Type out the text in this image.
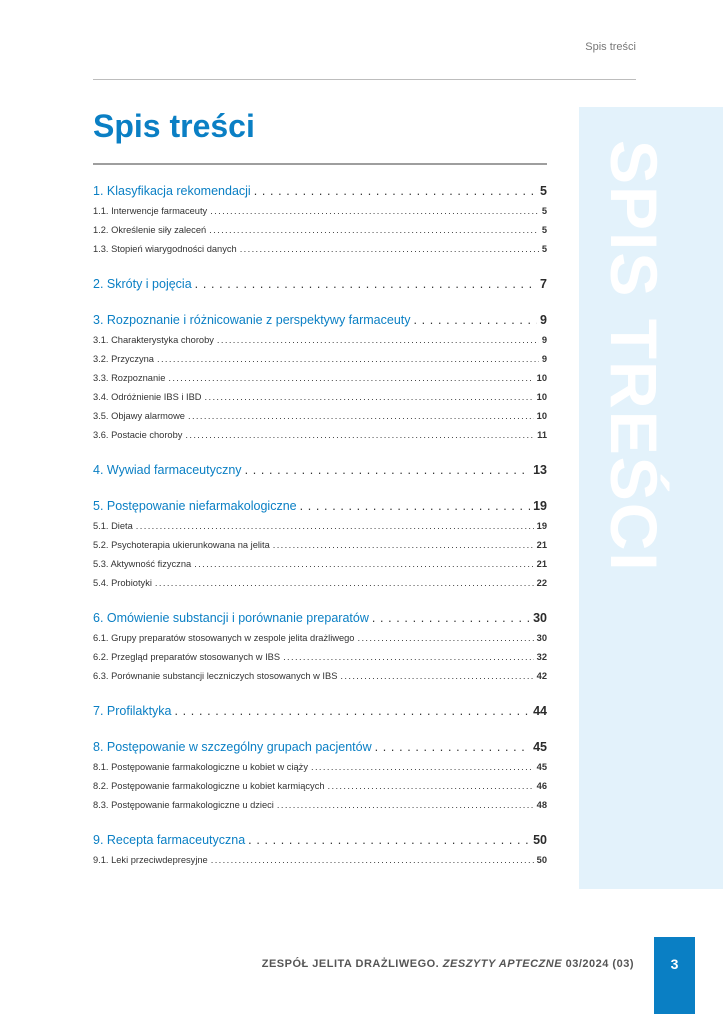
Spis treści
SPIS TREŚCI
Spis treści
1. Klasyfikacja rekomendacji . . .	5
1.1. Interwencje farmaceuty . . .	5
1.2. Określenie siły zaleceń . . .	5
1.3. Stopień wiarygodności danych . . .	5
2. Skróty i pojęcia . . .	7
3. Rozpoznanie i różnicowanie z perspektywy farmaceuty . . .	9
3.1. Charakterystyka choroby . . .	9
3.2. Przyczyna . . .	9
3.3. Rozpoznanie . . .	10
3.4. Odróżnienie IBS i IBD . . .	10
3.5. Objawy alarmowe . . .	10
3.6. Postacie choroby . . .	11
4. Wywiad farmaceutyczny . . .	13
5. Postępowanie niefarmakologiczne . . .	19
5.1. Dieta . . .	19
5.2. Psychoterapia ukierunkowana na jelita . . .	21
5.3. Aktywność fizyczna . . .	21
5.4. Probiotyki . . .	22
6. Omówienie substancji i porównanie preparatów . . .	30
6.1. Grupy preparatów stosowanych w zespole jelita drażliwego . . .	30
6.2. Przegląd preparatów stosowanych w IBS . . .	32
6.3. Porównanie substancji leczniczych stosowanych w IBS . . .	42
7. Profilaktyka . . .	44
8. Postępowanie w szczególny grupach pacjentów . . .	45
8.1. Postępowanie farmakologiczne u kobiet w ciąży . . .	45
8.2. Postępowanie farmakologiczne u kobiet karmiących . . .	46
8.3. Postępowanie farmakologiczne u dzieci . . .	48
9. Recepta farmaceutyczna . . .	50
9.1. Leki przeciwdepresyjne . . .	50
ZESPÓŁ JELITA DRAŻLIWEGO. ZESZYTY APTECZNE 03/2024 (03)	3
